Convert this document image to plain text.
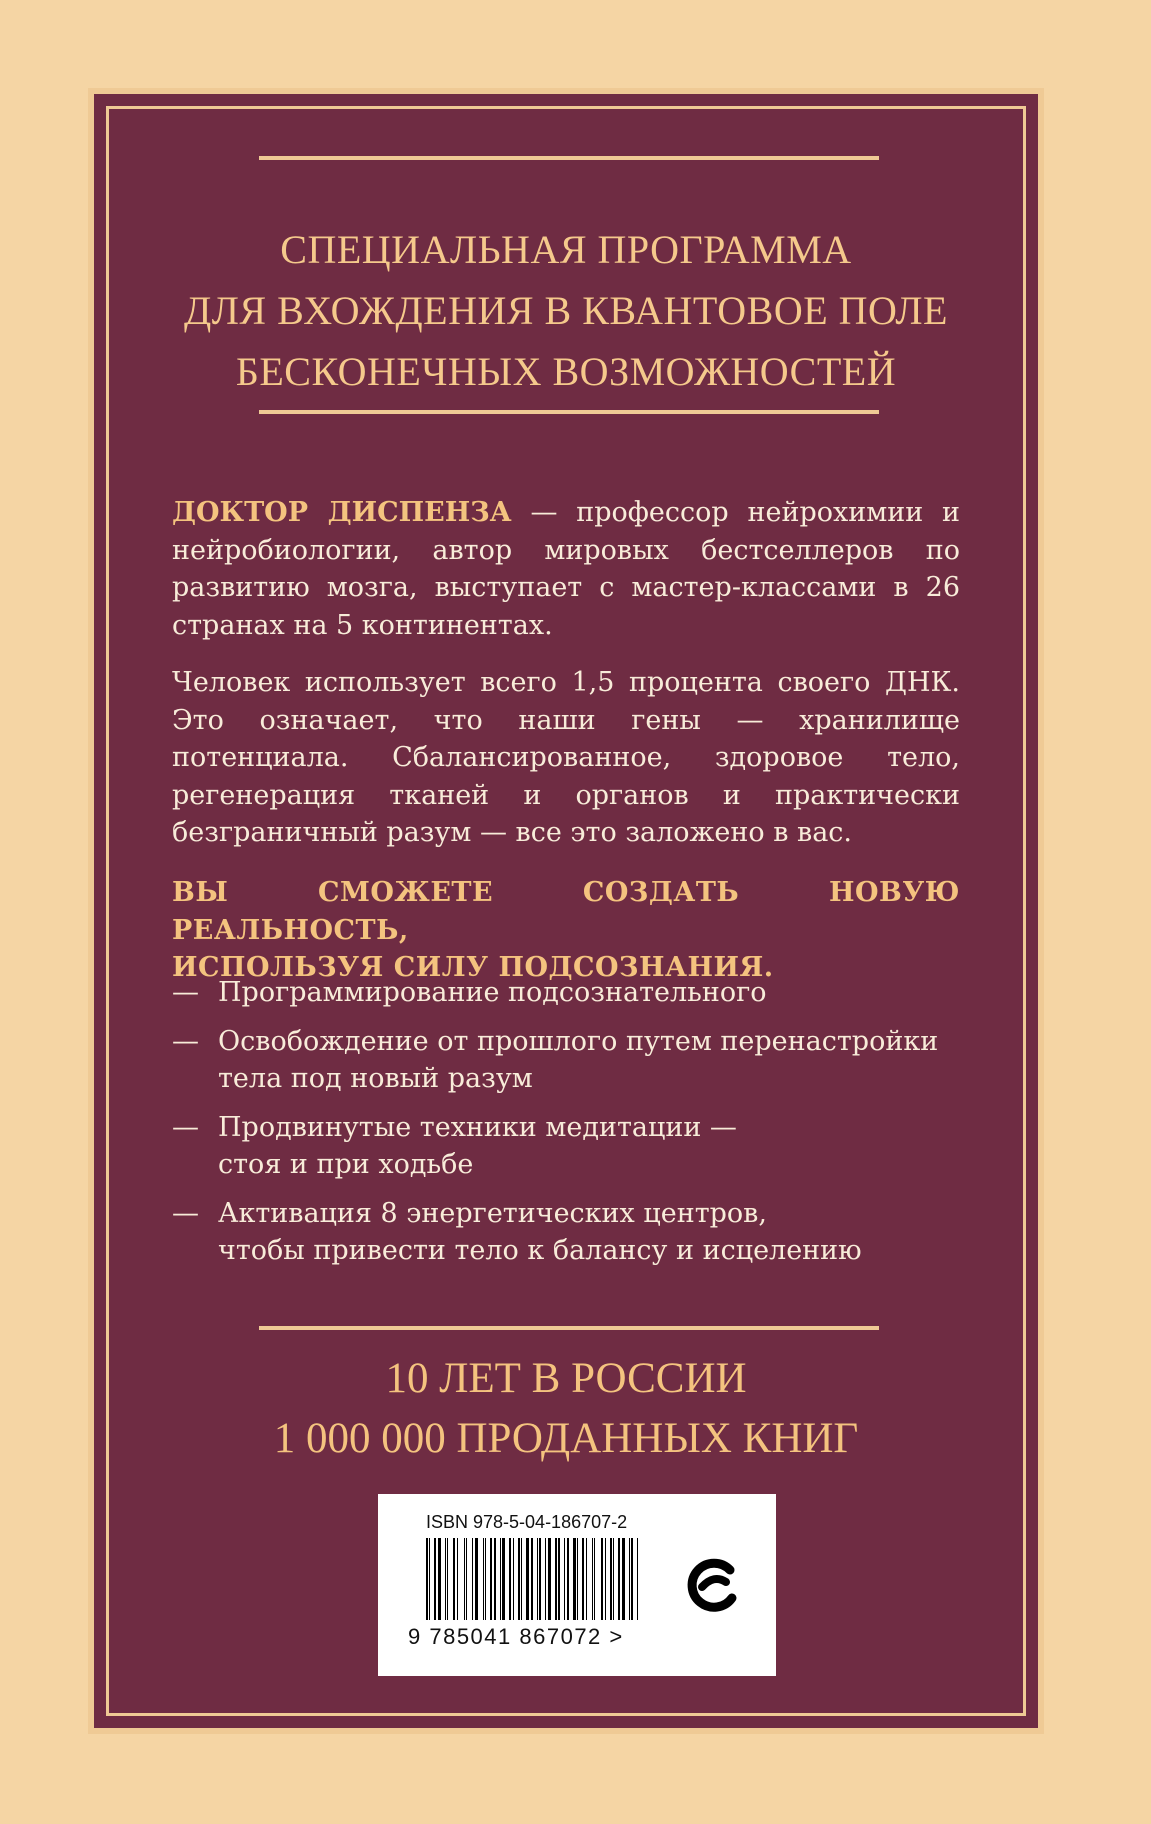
СПЕЦИАЛЬНАЯ ПРОГРАММА
ДЛЯ ВХОЖДЕНИЯ В КВАНТОВОЕ ПОЛЕ
БЕСКОНЕЧНЫХ ВОЗМОЖНОСТЕЙ
ДОКТОР ДИСПЕНЗА — профессор нейрохимии и нейробиологии, автор мировых бестселлеров по развитию мозга, выступает с мастер-классами в 26 странах на 5 континентах.
Человек использует всего 1,5 процента своего ДНК. Это означает, что наши гены — хранилище потенциала. Сбалансированное, здоровое тело, регенерация тканей и органов и практически безграничный разум — все это заложено в вас.
ВЫ СМОЖЕТЕ СОЗДАТЬ НОВУЮ РЕАЛЬНОСТЬ,
ИСПОЛЬЗУЯ СИЛУ ПОДСОЗНАНИЯ.
— Программирование подсознательного
— Освобождение от прошлого путем перенастройки
тела под новый разум
— Продвинутые техники медитации —
стоя и при ходьбе
— Активация 8 энергетических центров,
чтобы привести тело к балансу и исцелению
10 ЛЕТ В РОССИИ
1 000 000 ПРОДАННЫХ КНИГ
ISBN 978-5-04-186707-2
9 785041 867072 >
